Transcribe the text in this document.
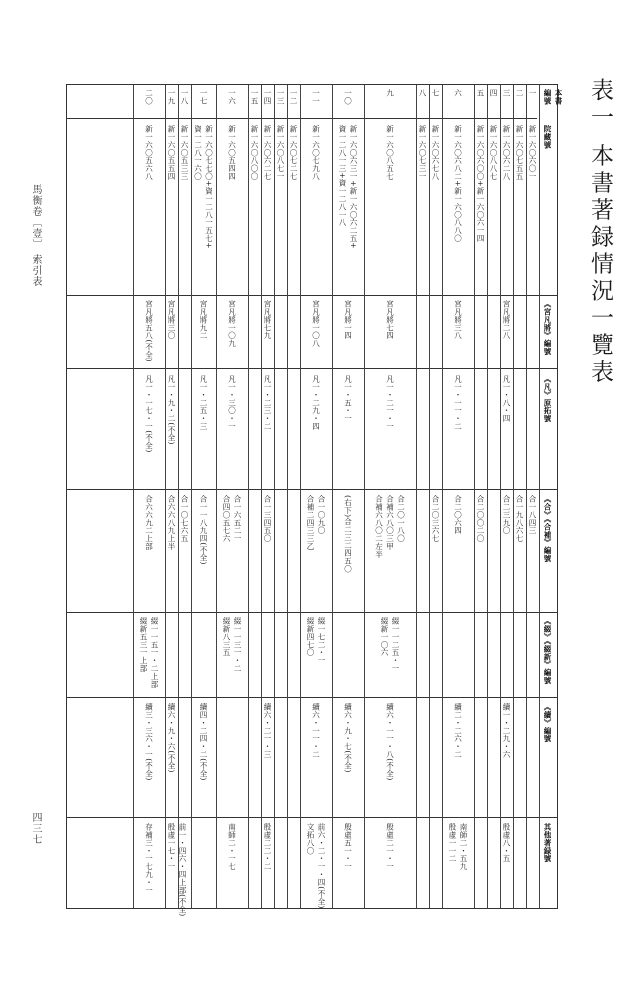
表一 本書著録情況一覽表
馬衡卷〔壹〕 索引表
四三七
本書
編號
院藏號
《宮凡將》編號
《凡》原拓號
《合》《合補》編號
《綴》《綴新》編號
《續》編號
其他著録號
一
新一六〇六〇一
合一八四三
二
新一六〇七五五
合一九八六七
三
新一六〇六二八
宮凡將二八
凡一・八・四
合二三九〇
續一・二九・六
殷虛八・五
四
新一六〇八八七
五
新一六〇六〇〇+新一六〇六一四
合二〇〇二〇
六
新一六〇六八二+新一六〇八八〇
宮凡將三八
凡一・一一・二
合二〇六四
續二・二六・二
南師二・五九
殷虛一一二
七
新一六〇六七八
合二〇三六七
八
新一六〇七三一
九
新一六〇八五七
宮凡將七四
凡一・二一・一
合二〇一八〇
合補六八〇三甲
合補六八〇二左半
綴一一二五・一
綴新一〇六
續六・一一・八(不全)
殷虛二一・一
一〇
新一六〇六三一+新一六〇六二五+
資一二八一三+資一二八一八
宮凡將一四
凡一・五・一
(右下)合二三二四五〇
續六・九・七(不全)
殷虛五一・一
一一
新一六〇七九八
宮凡將一〇八
凡一・二九・四
合一〇九〇
合補二四三三乙
綴一七二・一
綴新四七〇
續六・一一・二
前六・二・一・四(不全)
文拓八〇
一二
新一六〇七二七
一三
新一六〇八七一
一四
新一六〇六二七
宮凡將七九
凡一・二三・二
合一三四五〇
續六・二一・三
殷虛二二・二
一五
新一六〇八〇〇
一六
新一六〇五四四
宮凡將一〇九
凡一・三〇・一
合一六五二一
合四〇五七六
綴一一三一・二
綴新八三五
南師二・一七
一七
新一六〇七七〇+資一二八一五七+
資一二八一六〇
宮凡將九二
凡一・二五・三
合一一八九四(不全)
續四・二四・二(不全)
一八
新一六〇五三三
合一〇七六五
一九
新一六〇五五四
宮凡將三〇
凡一・九・二(不全)
合六六八九上半
續六・九・六(不全)
前一・四六・四上部(不全)
殷虛一七・一
二〇
新一六〇五六八
宮凡將五八(不全)
凡一・一七・一(不全)
合六六九二上部
綴一一五一・二上部
綴新五三一上部
續三・三六・一(不全)
存補三・一七九・一
